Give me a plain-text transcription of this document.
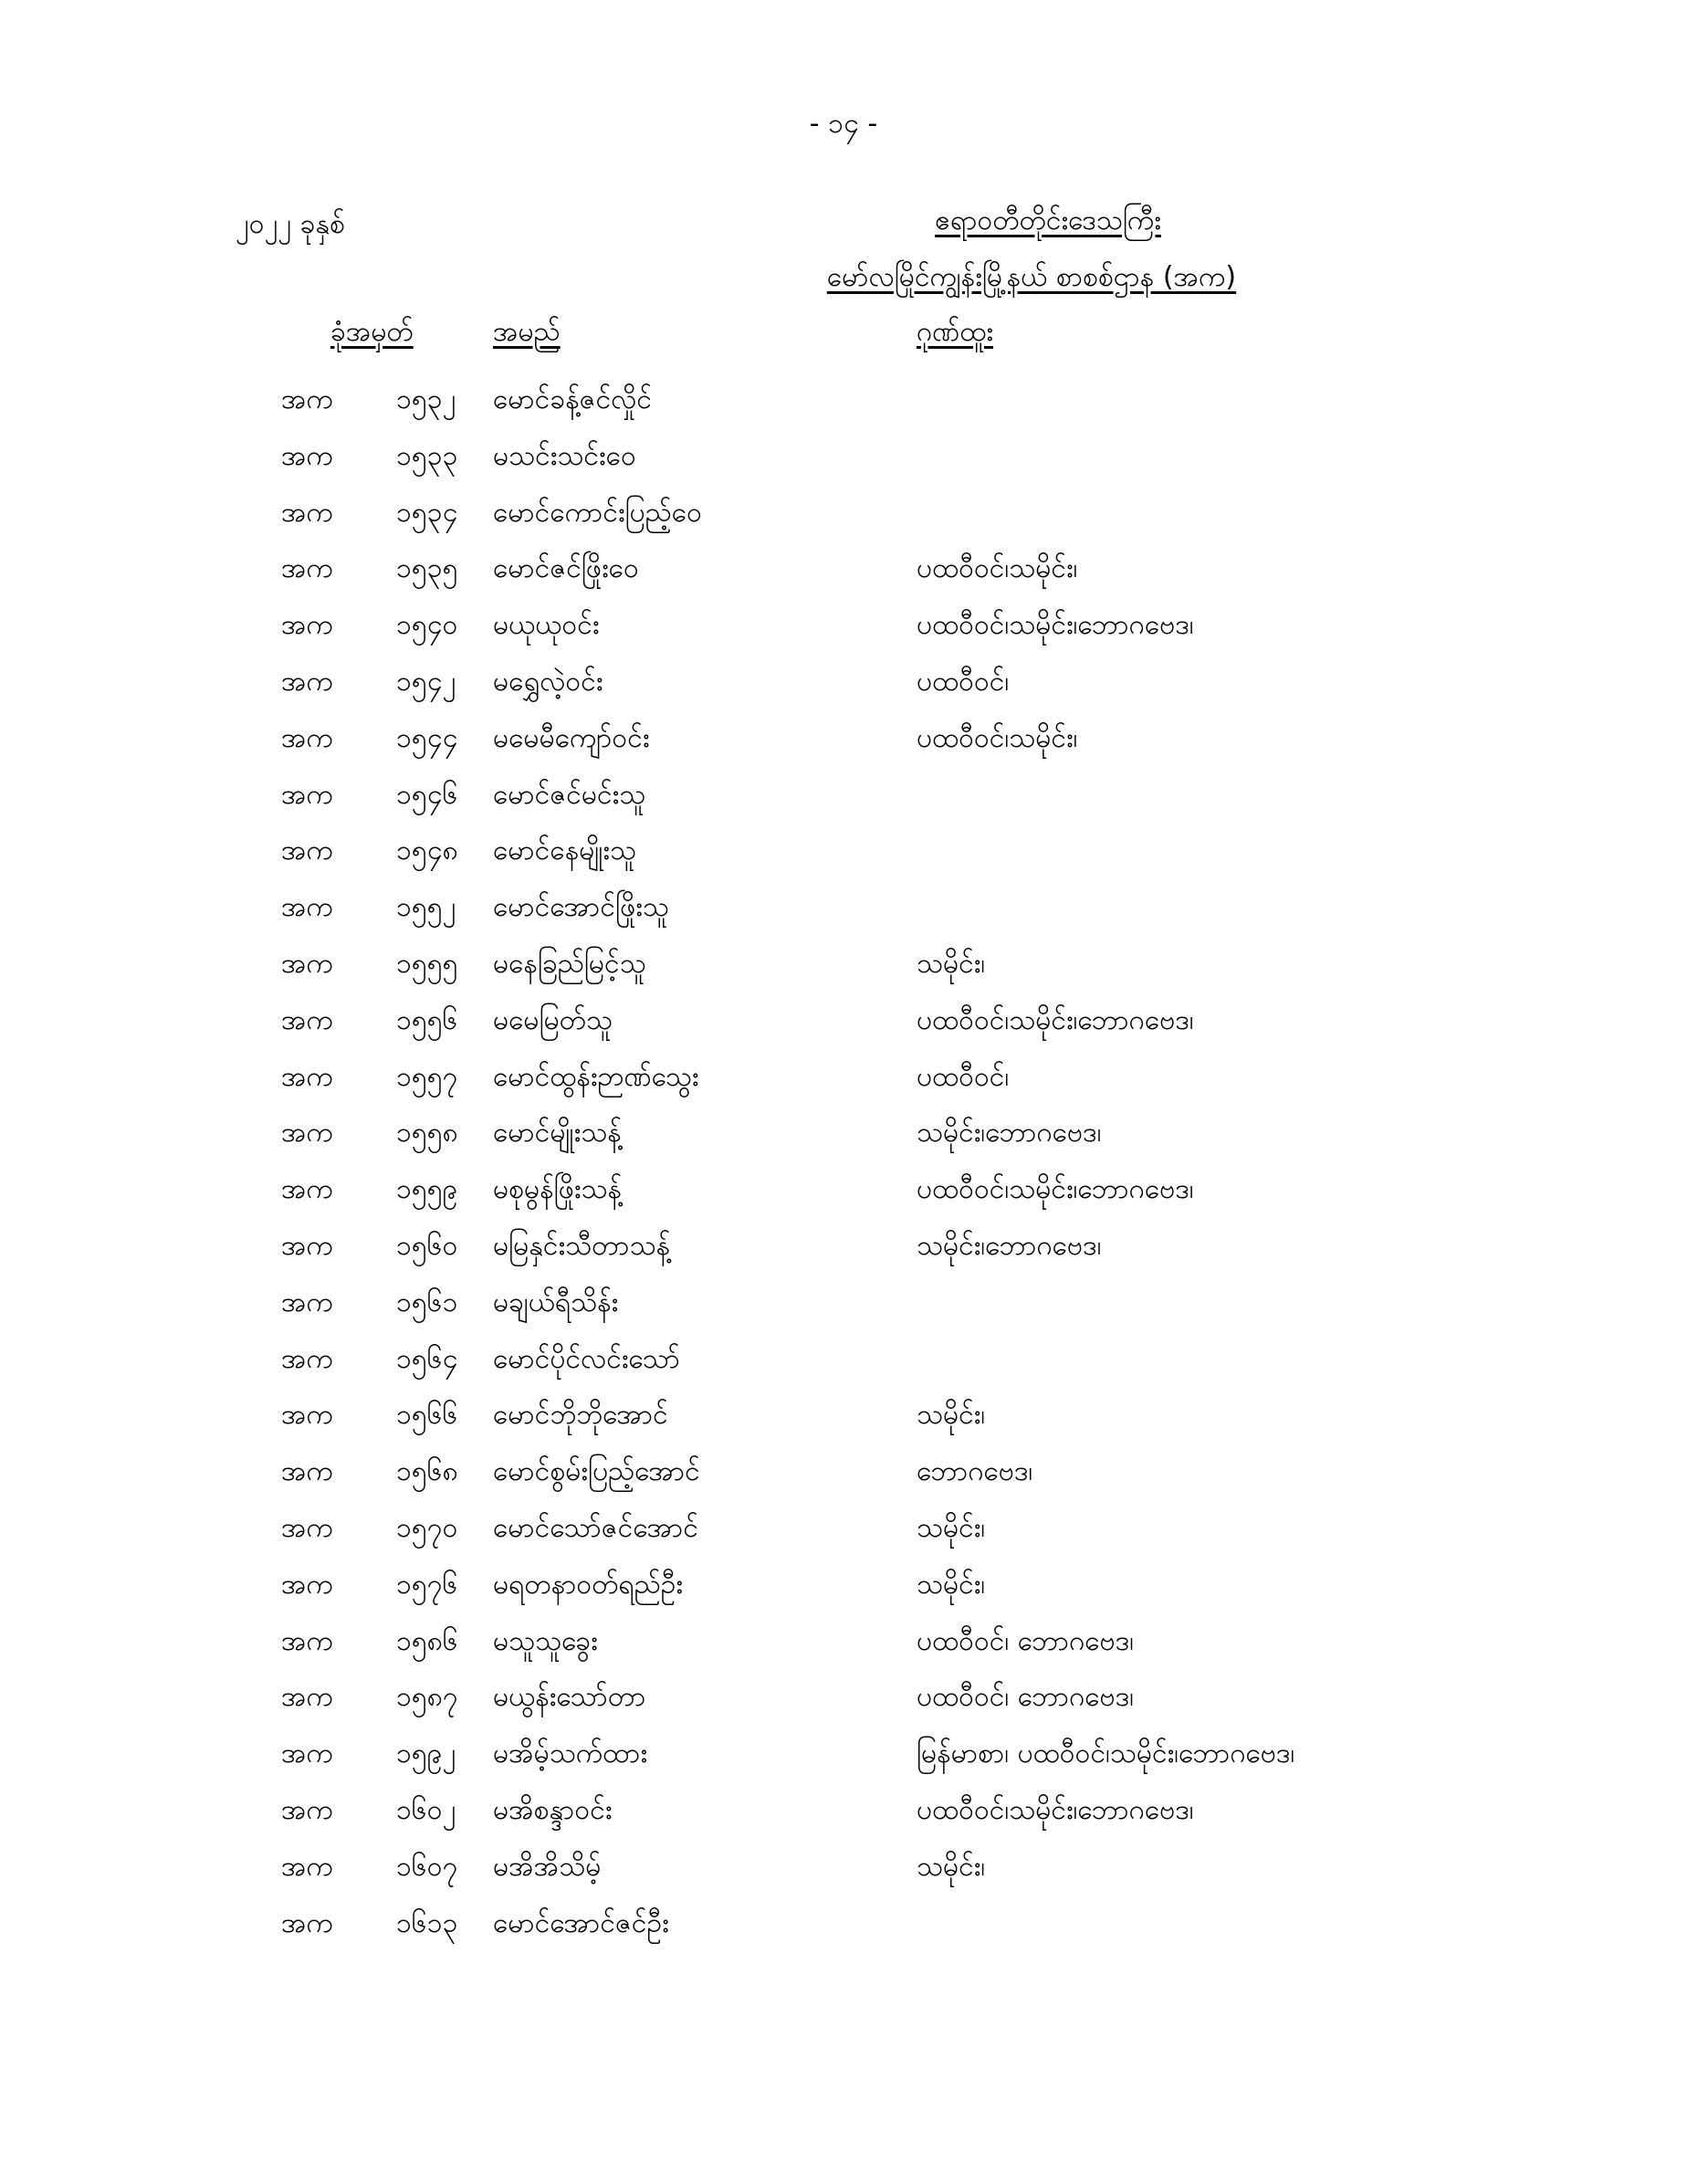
- ၁၄ -
၂၀၂၂ ခုနှစ်	ဧရာဝတီတိုင်းဒေသကြီး
မော်လမြိုင်ကျွန်းမြို့နယ် စာစစ်ဌာန (အက)
ခုံအမှတ်	အမည်	ဂုဏ်ထူး
အက ၁၅၃၂ မောင်ခန့်ဇင်လှိုင်
အက ၁၅၃၃ မသင်းသင်းဝေ
အက ၁၅၃၄ မောင်ကောင်းပြည့်ဝေ
အက ၁၅၃၅ မောင်ဇင်ဖြိုးဝေ	ပထဝီဝင်၊သမိုင်း၊
အက ၁၅၄၀ မယုယုဝင်း	ပထဝီဝင်၊သမိုင်း၊ဘောဂဗေဒ၊
အက ၁၅၄၂ မရွှေလဲ့ဝင်း	ပထဝီဝင်၊
အက ၁၅၄၄ မမေမီကျော်ဝင်း	ပထဝီဝင်၊သမိုင်း၊
အက ၁၅၄၆ မောင်ဇင်မင်းသူ
အက ၁၅၄၈ မောင်နေမျိုးသူ
အက ၁၅၅၂ မောင်အောင်ဖြိုးသူ
အက ၁၅၅၅ မနေခြည်မြင့်သူ	သမိုင်း၊
အက ၁၅၅၆ မမေမြတ်သူ	ပထဝီဝင်၊သမိုင်း၊ဘောဂဗေဒ၊
အက ၁၅၅၇ မောင်ထွန်းဉာဏ်သွေး	ပထဝီဝင်၊
အက ၁၅၅၈ မောင်မျိုးသန့်	သမိုင်း၊ဘောဂဗေဒ၊
အက ၁၅၅၉ မစုမွန်ဖြိုးသန့်	ပထဝီဝင်၊သမိုင်း၊ဘောဂဗေဒ၊
အက ၁၅၆၀ မမြနှင်းသီတာသန့်	သမိုင်း၊ဘောဂဗေဒ၊
အက ၁၅၆၁ မချယ်ရီသိန်း
အက ၁၅၆၄ မောင်ပိုင်လင်းသော်
အက ၁၅၆၆ မောင်ဘိုဘိုအောင်	သမိုင်း၊
အက ၁၅၆၈ မောင်စွမ်းပြည့်အောင်	ဘောဂဗေဒ၊
အက ၁၅၇၀ မောင်သော်ဇင်အောင်	သမိုင်း၊
အက ၁၅၇၆ မရတနာဝတ်ရည်ဦး	သမိုင်း၊
အက ၁၅၈၆ မသူသူခွေး	ပထဝီဝင်၊ ဘောဂဗေဒ၊
အက ၁၅၈၇ မယွန်းသော်တာ	ပထဝီဝင်၊ ဘောဂဗေဒ၊
အက ၁၅၉၂ မအိမ့်သက်ထား	မြန်မာစာ၊ ပထဝီဝင်၊သမိုင်း၊ဘောဂဗေဒ၊
အက ၁၆၀၂ မအိစန္ဒာဝင်း	ပထဝီဝင်၊သမိုင်း၊ဘောဂဗေဒ၊
အက ၁၆၀၇ မအိအိသိမ့်	သမိုင်း၊
အက ၁၆၁၃ မောင်အောင်ဇင်ဦး
